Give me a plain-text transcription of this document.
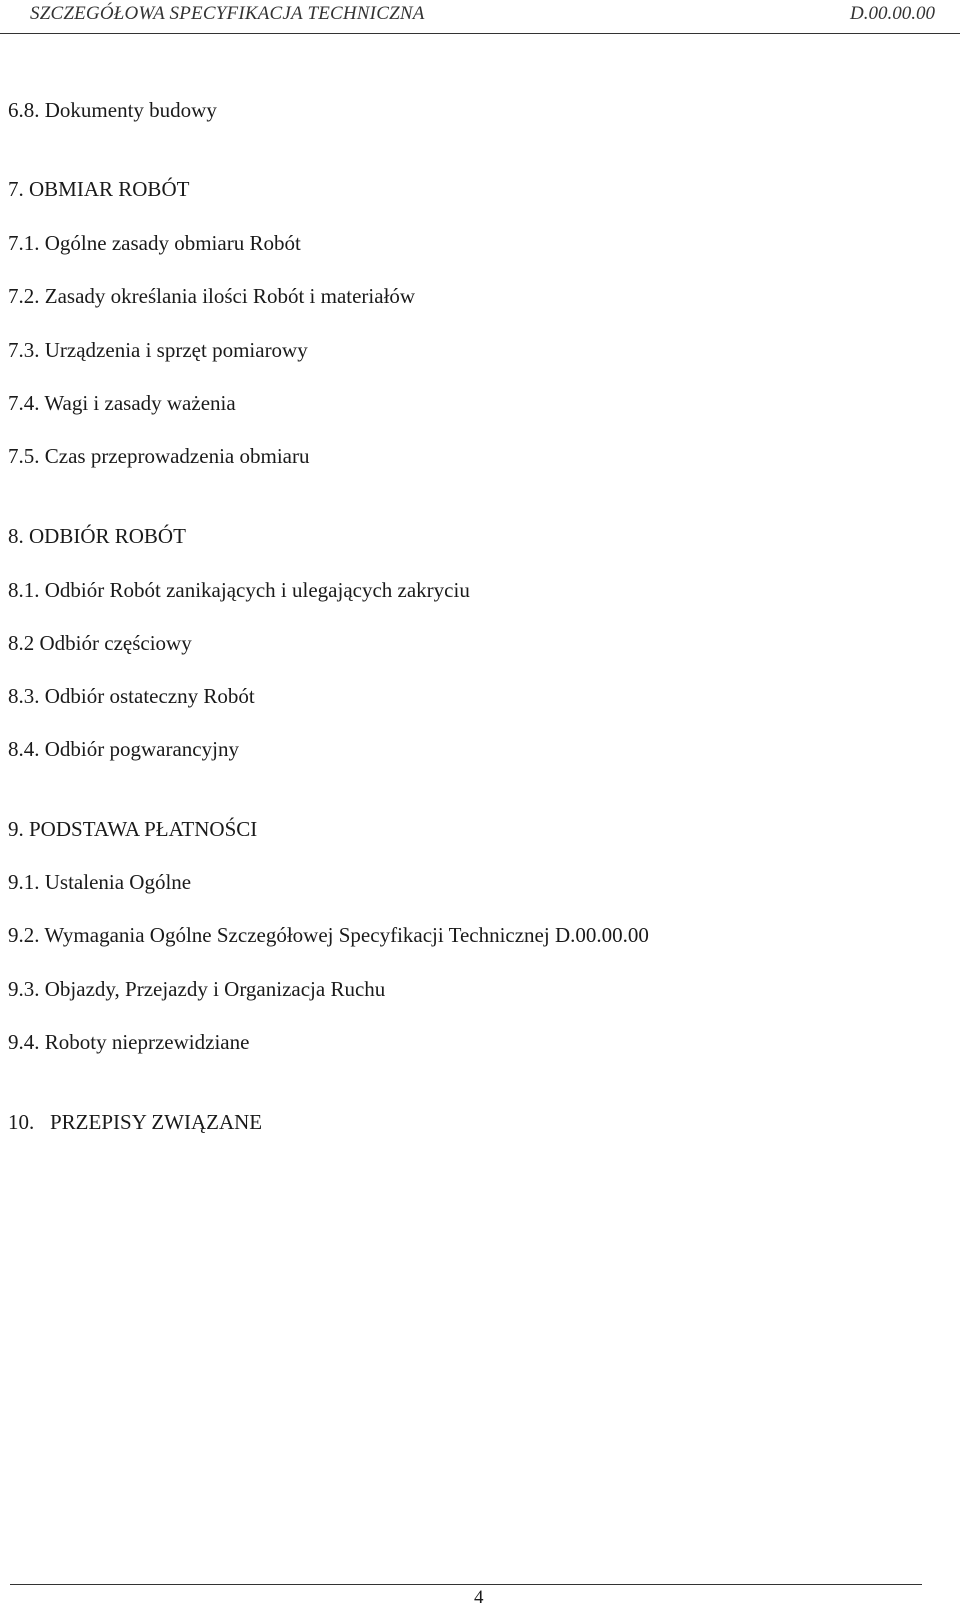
SZCZEGÓŁOWA SPECYFIKACJA TECHNICZNA	D.00.00.00
6.8. Dokumenty budowy
7. OBMIAR ROBÓT
7.1. Ogólne zasady obmiaru Robót
7.2. Zasady określania ilości Robót i materiałów
7.3. Urządzenia i sprzęt pomiarowy
7.4. Wagi i zasady ważenia
7.5. Czas przeprowadzenia obmiaru
8. ODBIÓR ROBÓT
8.1. Odbiór Robót zanikających i ulegających zakryciu
8.2 Odbiór częściowy
8.3. Odbiór ostateczny Robót
8.4. Odbiór pogwarancyjny
9. PODSTAWA PŁATNOŚCI
9.1. Ustalenia Ogólne
9.2. Wymagania Ogólne Szczegółowej Specyfikacji Technicznej D.00.00.00
9.3. Objazdy, Przejazdy i Organizacja Ruchu
9.4. Roboty nieprzewidziane
10.   PRZEPISY ZWIĄZANE
4
